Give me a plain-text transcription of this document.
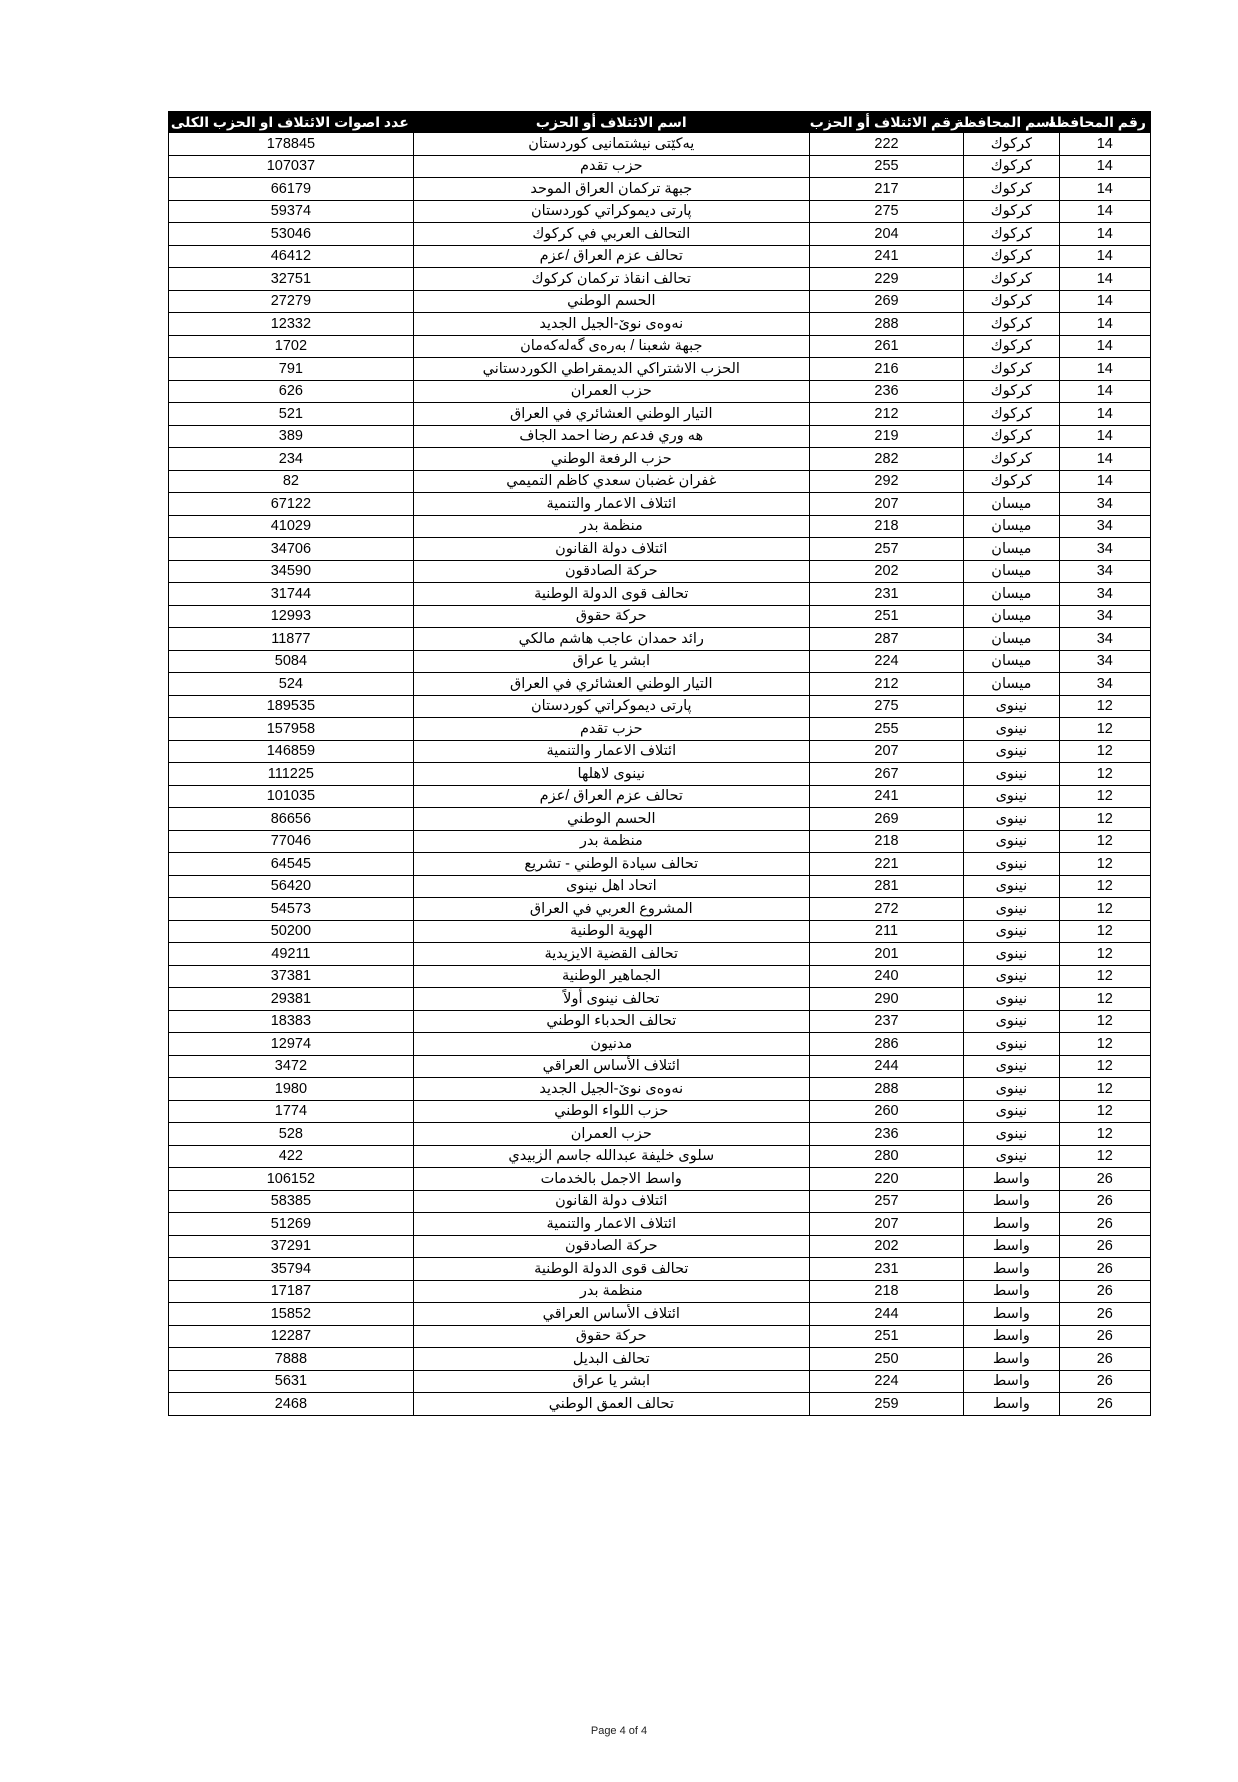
رقم المحافظة	اسم المحافظة	رقم الائتلاف أو الحزب	اسم الائتلاف أو الحزب	عدد اصوات الائتلاف او الحزب الكلى
14	كركوك	222	يەکێتی نیشتمانیی کوردستان	178845
14	كركوك	255	حزب تقدم	107037
14	كركوك	217	جبهة تركمان العراق الموحد	66179
14	كركوك	275	پارتی ديموكراتي كوردستان	59374
14	كركوك	204	التحالف العربي في كركوك	53046
14	كركوك	241	تحالف عزم العراق /عزم	46412
14	كركوك	229	تحالف انقاذ تركمان كركوك	32751
14	كركوك	269	الحسم الوطني	27279
14	كركوك	288	نەوەی نوێ-الجيل الجديد	12332
14	كركوك	261	جبهة شعبنا / بەرەی گەلەکەمان	1702
14	كركوك	216	الحزب الاشتراكي الديمقراطي الكوردستاني	791
14	كركوك	236	حزب العمران	626
14	كركوك	212	التيار الوطني العشائري في العراق	521
14	كركوك	219	هه وري فدعم رضا احمد الجاف	389
14	كركوك	282	حزب الرفعة الوطني	234
14	كركوك	292	غفران غضبان سعدي كاظم التميمي	82
34	ميسان	207	ائتلاف الاعمار والتنمية	67122
34	ميسان	218	منظمة بدر	41029
34	ميسان	257	ائتلاف دولة القانون	34706
34	ميسان	202	حركة الصادقون	34590
34	ميسان	231	تحالف قوى الدولة الوطنية	31744
34	ميسان	251	حركة حقوق	12993
34	ميسان	287	رائد حمدان عاجب هاشم مالكي	11877
34	ميسان	224	ابشر يا عراق	5084
34	ميسان	212	التيار الوطني العشائري في العراق	524
12	نينوى	275	پارتی ديموكراتي كوردستان	189535
12	نينوى	255	حزب تقدم	157958
12	نينوى	207	ائتلاف الاعمار والتنمية	146859
12	نينوى	267	نينوى لاهلها	111225
12	نينوى	241	تحالف عزم العراق /عزم	101035
12	نينوى	269	الحسم الوطني	86656
12	نينوى	218	منظمة بدر	77046
12	نينوى	221	تحالف سيادة الوطني - تشريع	64545
12	نينوى	281	اتحاد اهل نينوى	56420
12	نينوى	272	المشروع العربي في العراق	54573
12	نينوى	211	الهوية الوطنية	50200
12	نينوى	201	تحالف القضية الايزيدية	49211
12	نينوى	240	الجماهير الوطنية	37381
12	نينوى	290	تحالف نينوى أولاً	29381
12	نينوى	237	تحالف الحدباء الوطني	18383
12	نينوى	286	مدنيون	12974
12	نينوى	244	ائتلاف الأساس العراقي	3472
12	نينوى	288	نەوەی نوێ-الجيل الجديد	1980
12	نينوى	260	حزب اللواء الوطني	1774
12	نينوى	236	حزب العمران	528
12	نينوى	280	سلوى خليفة عبدالله جاسم الزبيدي	422
26	واسط	220	واسط الاجمل بالخدمات	106152
26	واسط	257	ائتلاف دولة القانون	58385
26	واسط	207	ائتلاف الاعمار والتنمية	51269
26	واسط	202	حركة الصادقون	37291
26	واسط	231	تحالف قوى الدولة الوطنية	35794
26	واسط	218	منظمة بدر	17187
26	واسط	244	ائتلاف الأساس العراقي	15852
26	واسط	251	حركة حقوق	12287
26	واسط	250	تحالف البديل	7888
26	واسط	224	ابشر يا عراق	5631
26	واسط	259	تحالف العمق الوطني	2468
Page 4 of 4
